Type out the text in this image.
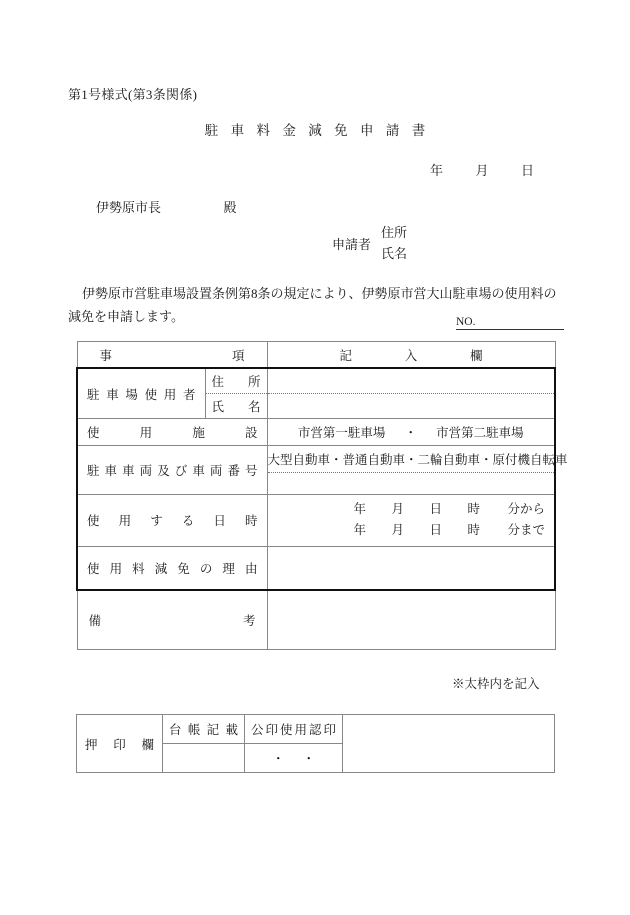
第1号様式(第3条関係)
駐 車 料 金 減 免 申 請 書
年	月	日
伊勢原市長	殿
申請者
住所
氏名
伊勢原市営駐車場設置条例第8条の規定により、伊勢原市営大山駐車場の使用料の減免を申請します。	NO.
事項		記入欄

駐車場使用者	住所	

	氏名	

使用施設		市営第一駐車場 ・ 市営第二駐車場

駐車車両及び車両番号		大型自動車・普通自動車・二輪自動車・原付機自転車

使用する日時

年	月	日	時	分から
年	月	日	時	分まで

使用料減免の理由		

備考		

※太枠内を記入
押印欄	台帳記載	公印使用認印	

		・・	
